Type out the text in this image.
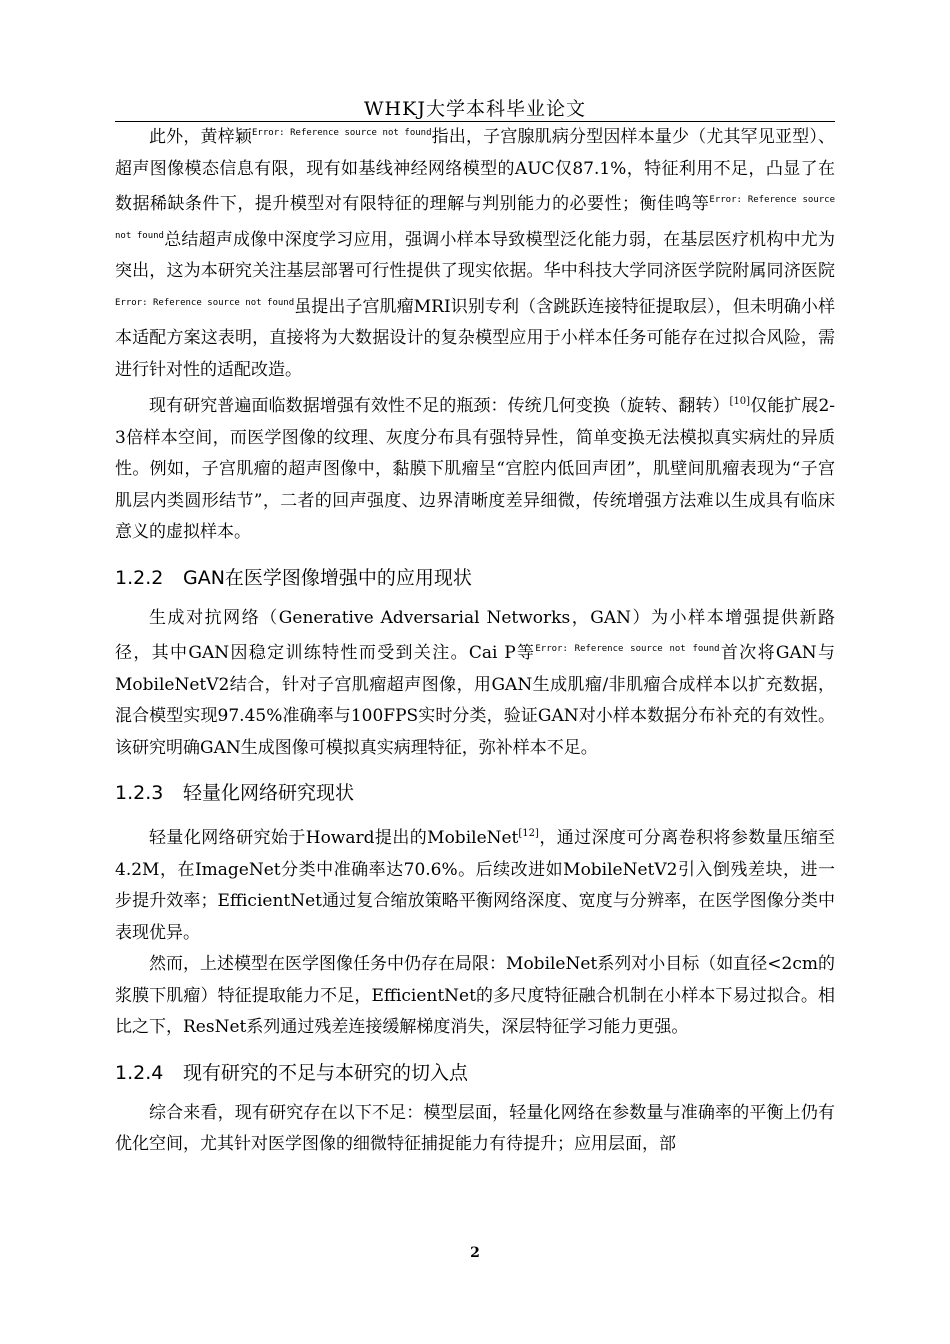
WHKJ大学本科毕业论文

此外，黄梓颖$^{Error: Reference source not found}$指出，子宫腺肌病分型因样本量少（尤其罕见亚型）、超声图像模态信息有限，现有如基线神经网络模型的AUC仅87.1%，特征利用不足，凸显了在数据稀缺条件下，提升模型对有限特征的理解与判别能力的必要性；衡佳鸣等$^{Error: Reference source not found}$总结超声成像中深度学习应用，强调小样本导致模型泛化能力弱，在基层医疗机构中尤为突出，这为本研究关注基层部署可行性提供了现实依据。华中科技大学同济医学院附属同济医院$^{Error: Reference source not found}$虽提出子宫肌瘤MRI识别专利（含跳跃连接特征提取层），但未明确小样本适配方案这表明，直接将为大数据设计的复杂模型应用于小样本任务可能存在过拟合风险，需进行针对性的适配改造。

现有研究普遍面临数据增强有效性不足的瓶颈：传统几何变换（旋转、翻转）[10]仅能扩展2-3倍样本空间，而医学图像的纹理、灰度分布具有强特异性，简单变换无法模拟真实病灶的异质性。例如，子宫肌瘤的超声图像中，黏膜下肌瘤呈“宫腔内低回声团”，肌壁间肌瘤表现为“子宫肌层内类圆形结节”，二者的回声强度、边界清晰度差异细微，传统增强方法难以生成具有临床意义的虚拟样本。

1.2.2 GAN在医学图像增强中的应用现状

生成对抗网络（Generative Adversarial Networks，GAN）为小样本增强提供新路径，其中GAN因稳定训练特性而受到关注。Cai P等$^{Error: Reference source not found}$首次将GAN与MobileNetV2结合，针对子宫肌瘤超声图像，用GAN生成肌瘤/非肌瘤合成样本以扩充数据，混合模型实现97.45%准确率与100FPS实时分类，验证GAN对小样本数据分布补充的有效性。该研究明确GAN生成图像可模拟真实病理特征，弥补样本不足。

1.2.3 轻量化网络研究现状

轻量化网络研究始于Howard提出的MobileNet[12]，通过深度可分离卷积将参数量压缩至4.2M，在ImageNet分类中准确率达70.6%。后续改进如MobileNetV2引入倒残差块，进一步提升效率；EfficientNet通过复合缩放策略平衡网络深度、宽度与分辨率，在医学图像分类中表现优异。

然而，上述模型在医学图像任务中仍存在局限：MobileNet系列对小目标（如直径<2cm的浆膜下肌瘤）特征提取能力不足，EfficientNet的多尺度特征融合机制在小样本下易过拟合。相比之下，ResNet系列通过残差连接缓解梯度消失，深层特征学习能力更强。

1.2.4 现有研究的不足与本研究的切入点

综合来看，现有研究存在以下不足：模型层面，轻量化网络在参数量与准确率的平衡上仍有优化空间，尤其针对医学图像的细微特征捕捉能力有待提升；应用层面，部

2
